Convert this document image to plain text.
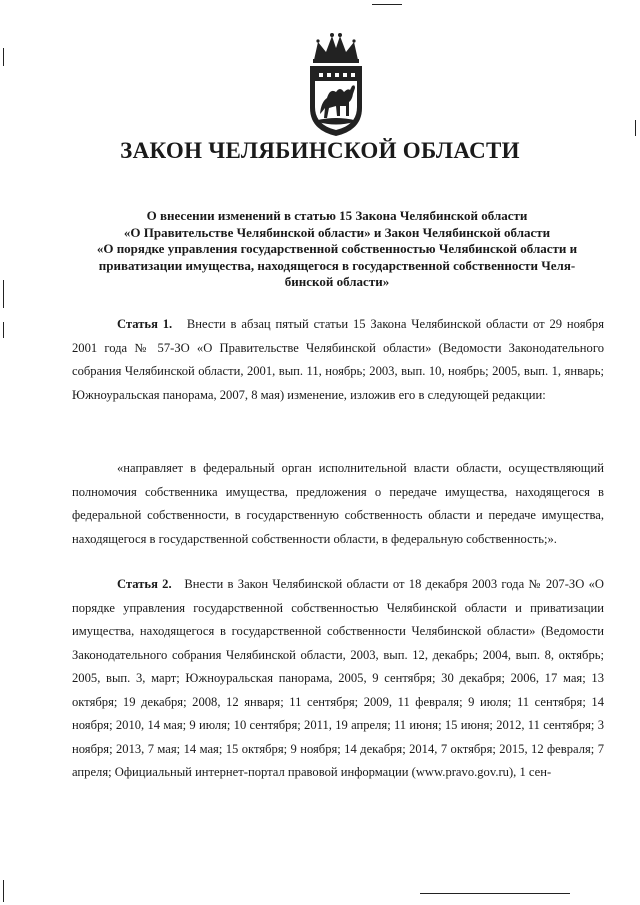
ЗАКОН ЧЕЛЯБИНСКОЙ ОБЛАСТИ
О внесении изменений в статью 15 Закона Челябинской области
«О Правительстве Челябинской области» и Закон Челябинской области
«О порядке управления государственной собственностью Челябинской области и
приватизации имущества, находящегося в государственной собственности Челя-
бинской области»

Статья 1. Внести в абзац пятый статьи 15 Закона Челябинской области от 29 ноября 2001 года № 57-ЗО «О Правительстве Челябинской области» (Ведомости Законодательного собрания Челябинской области, 2001, вып. 11, ноябрь; 2003, вып. 10, ноябрь; 2005, вып. 1, январь; Южноуральская панорама, 2007, 8 мая) изменение, изложив его в следующей редакции:

«направляет в федеральный орган исполнительной власти области, осуществляющий полномочия собственника имущества, предложения о передаче имущества, находящегося в федеральной собственности, в государственную собственность области и передаче имущества, находящегося в государственной собственности области, в федеральную собственность;».

Статья 2. Внести в Закон Челябинской области от 18 декабря 2003 года № 207-ЗО «О порядке управления государственной собственностью Челябинской области и приватизации имущества, находящегося в государственной собственности Челябинской области» (Ведомости Законодательного собрания Челябинской области, 2003, вып. 12, декабрь; 2004, вып. 8, октябрь; 2005, вып. 3, март; Южноуральская панорама, 2005, 9 сентября; 30 декабря; 2006, 17 мая; 13 октября; 19 декабря; 2008, 12 января; 11 сентября; 2009, 11 февраля; 9 июля; 11 сентября; 14 ноября; 2010, 14 мая; 9 июля; 10 сентября; 2011, 19 апреля; 11 июня; 15 июня; 2012, 11 сентября; 3 ноября; 2013, 7 мая; 14 мая; 15 октября; 9 ноября; 14 декабря; 2014, 7 октября; 2015, 12 февраля; 7 апреля; Официальный интернет-портал правовой информации (www.pravo.gov.ru), 1 сен-
